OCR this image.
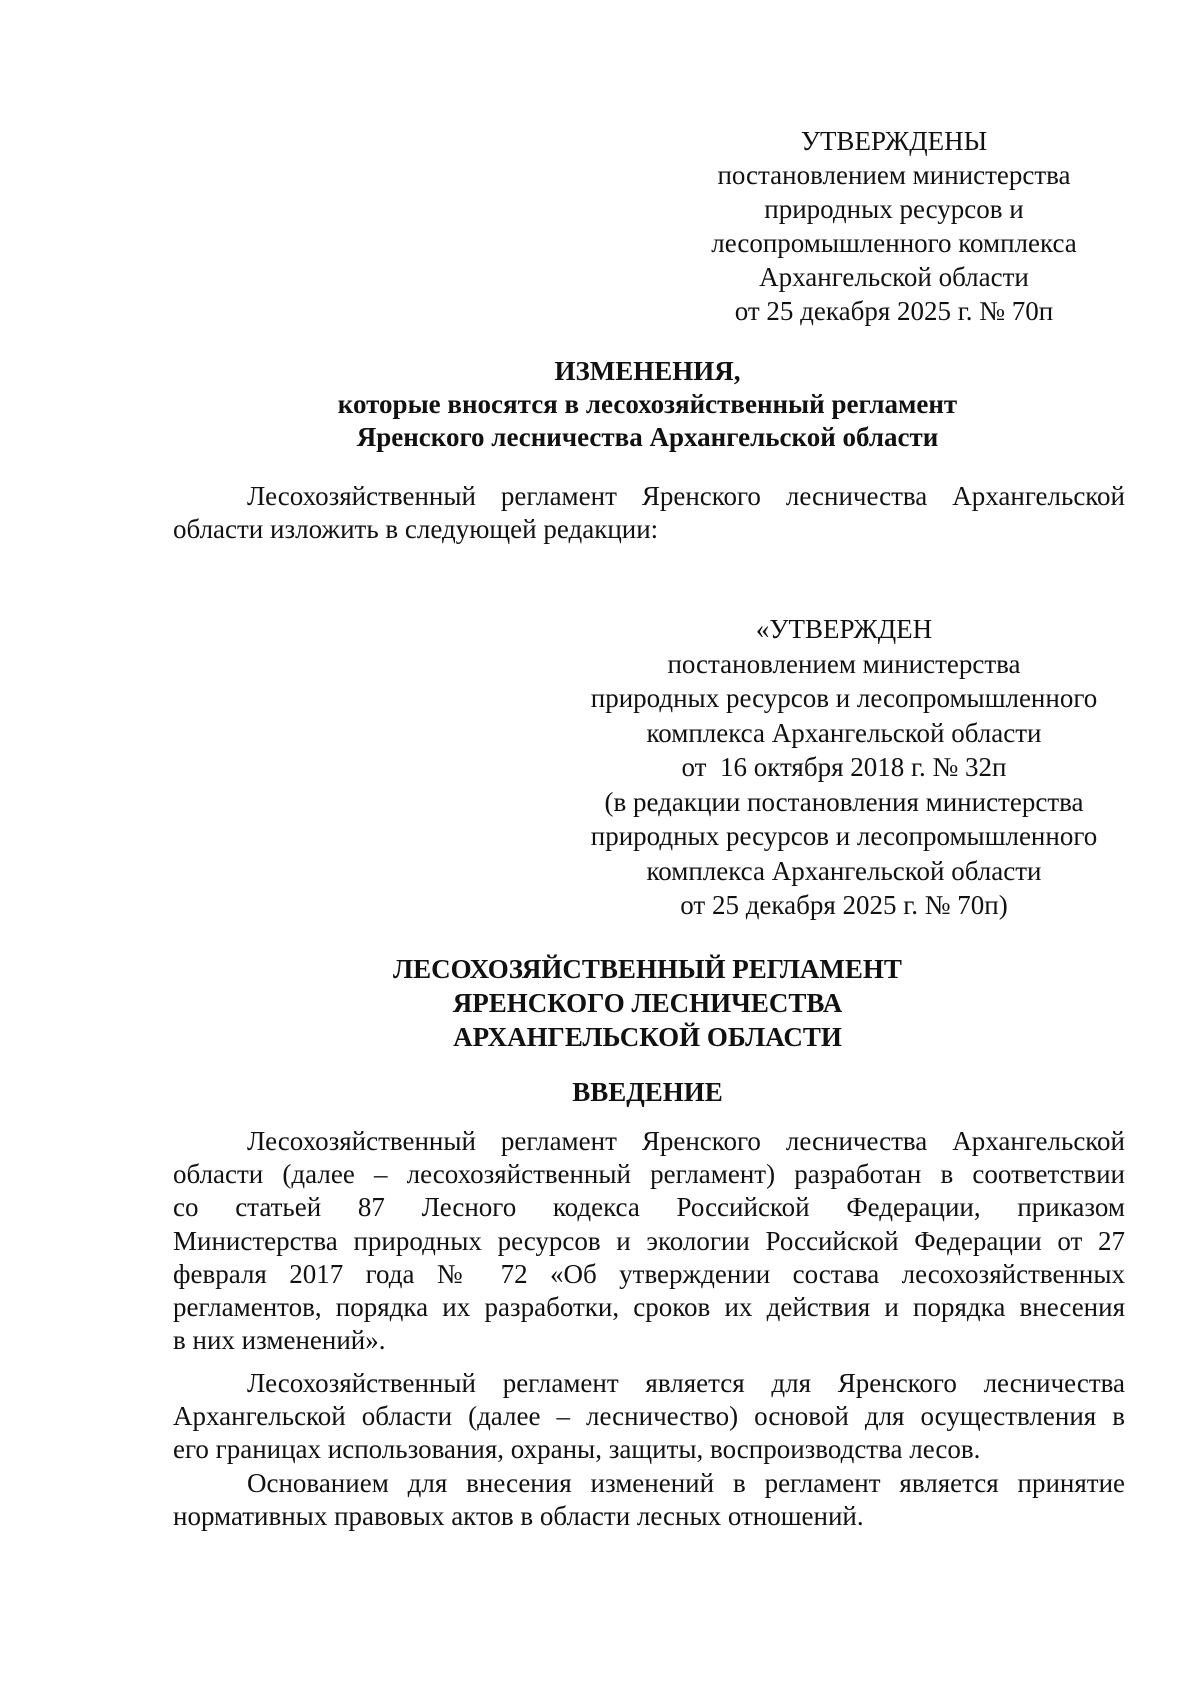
УТВЕРЖДЕНЫ
постановлением министерства
природных ресурсов и
лесопромышленного комплекса
Архангельской области
от 25 декабря 2025 г. № 70п
ИЗМЕНЕНИЯ,
которые вносятся в лесохозяйственный регламент
Яренского лесничества Архангельской области
Лесохозяйственный регламент Яренского лесничества Архангельской
области изложить в следующей редакции:
«УТВЕРЖДЕН
постановлением министерства
природных ресурсов и лесопромышленного
комплекса Архангельской области
от  16 октября 2018 г. № 32п
(в редакции постановления министерства
природных ресурсов и лесопромышленного
комплекса Архангельской области
от 25 декабря 2025 г. № 70п)
ЛЕСОХОЗЯЙСТВЕННЫЙ РЕГЛАМЕНТ
ЯРЕНСКОГО ЛЕСНИЧЕСТВА
АРХАНГЕЛЬСКОЙ ОБЛАСТИ
ВВЕДЕНИЕ
Лесохозяйственный регламент Яренского лесничества Архангельской
области (далее – лесохозяйственный регламент) разработан в соответствии
со статьей 87 Лесного кодекса Российской Федерации, приказом
Министерства природных ресурсов и экологии Российской Федерации от 27
февраля 2017 года № 72 «Об утверждении состава лесохозяйственных
регламентов, порядка их разработки, сроков их действия и порядка внесения
в них изменений».
Лесохозяйственный регламент является для Яренского лесничества
Архангельской области (далее – лесничество) основой для осуществления в
его границах использования, охраны, защиты, воспроизводства лесов.
Основанием для внесения изменений в регламент является принятие
нормативных правовых актов в области лесных отношений.
